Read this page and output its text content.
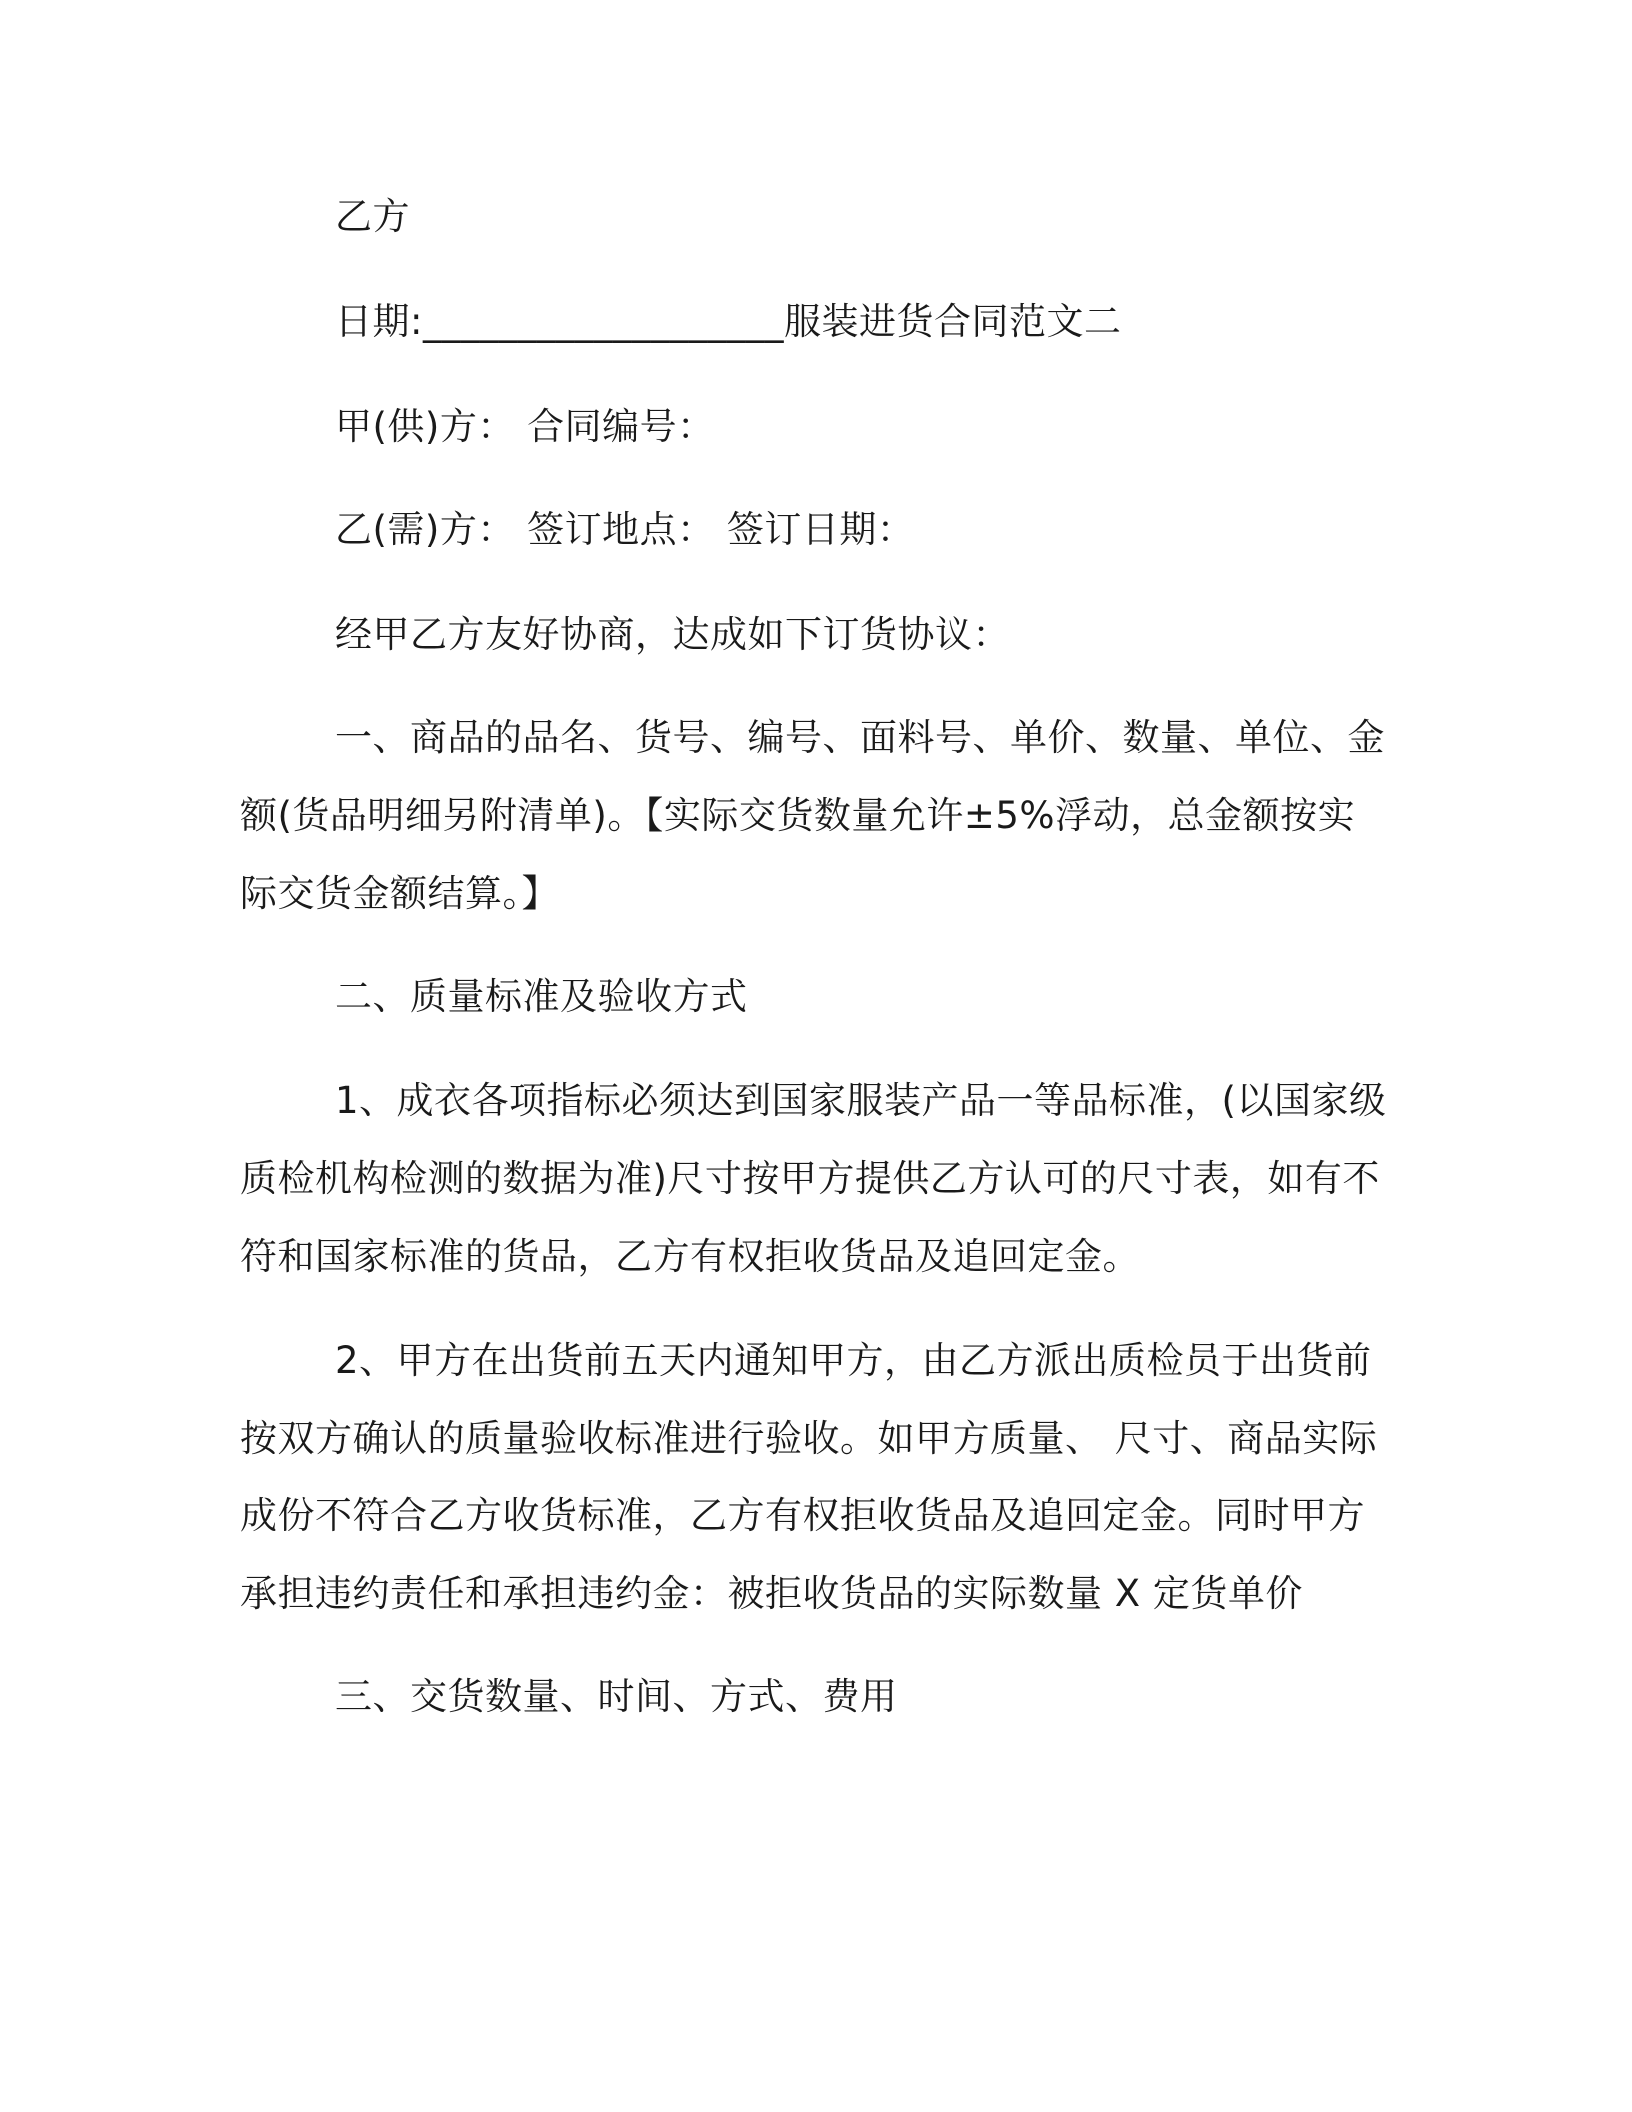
乙方
日期:___________________服装进货合同范文二
甲(供)方： 合同编号：
乙(需)方： 签订地点： 签订日期：
经甲乙方友好协商，达成如下订货协议：
一、商品的品名、货号、编号、面料号、单价、数量、单位、金
额(货品明细另附清单)。【实际交货数量允许±5%浮动，总金额按实
际交货金额结算。】
二、质量标准及验收方式
1、成衣各项指标必须达到国家服装产品一等品标准，(以国家级
质检机构检测的数据为准)尺寸按甲方提供乙方认可的尺寸表，如有不
符和国家标准的货品，乙方有权拒收货品及追回定金。
2、甲方在出货前五天内通知甲方，由乙方派出质检员于出货前
按双方确认的质量验收标准进行验收。如甲方质量、 尺寸、商品实际
成份不符合乙方收货标准，乙方有权拒收货品及追回定金。同时甲方
承担违约责任和承担违约金：被拒收货品的实际数量 X 定货单价
三、交货数量、时间、方式、费用
